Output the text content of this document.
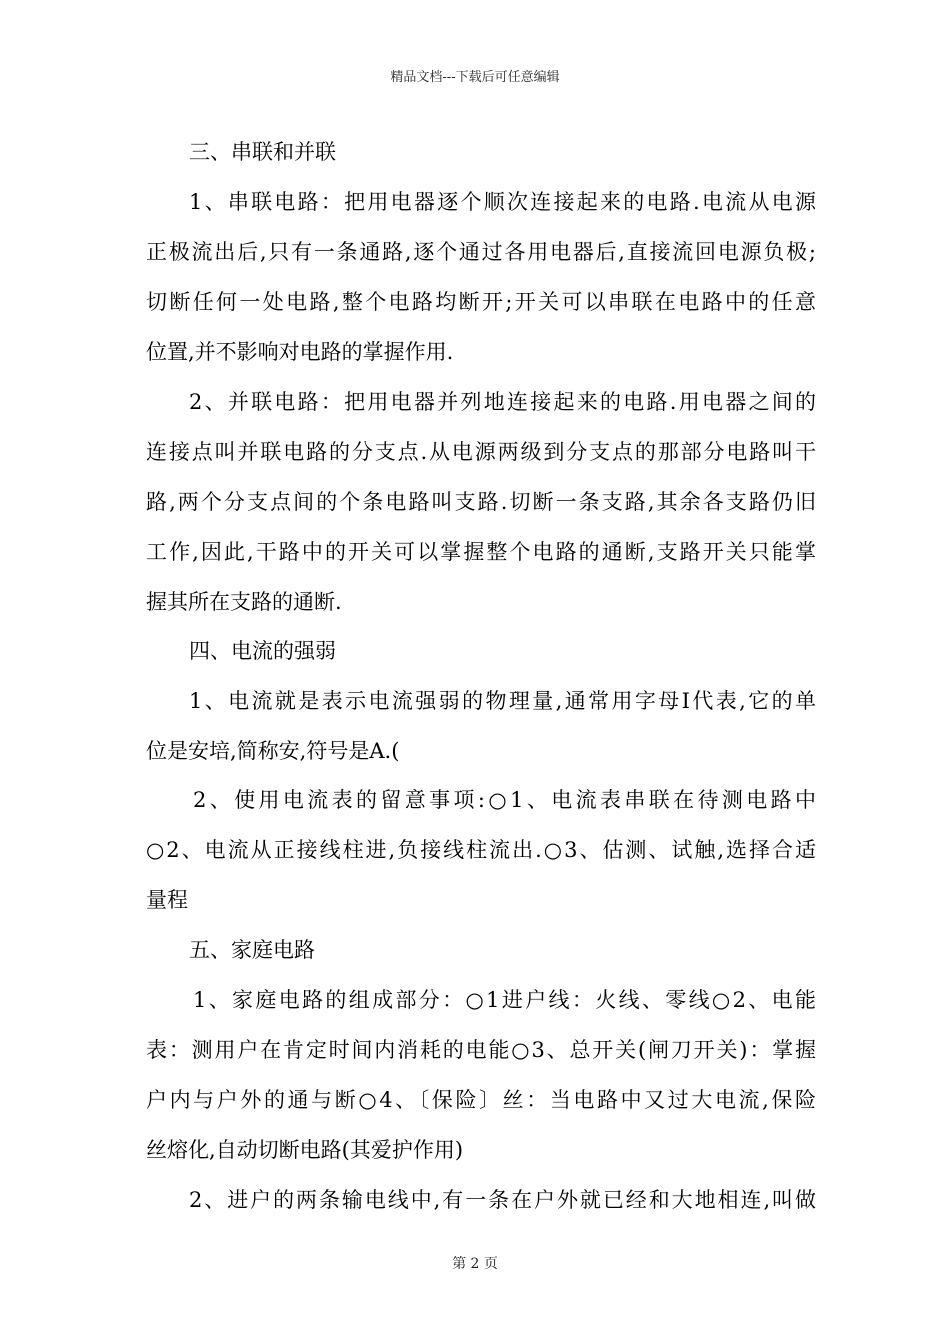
精品文档---下载后可任意编辑
三、串联和并联
1、串联电路：把用电器逐个顺次连接起来的电路.电流从电源
正极流出后,只有一条通路,逐个通过各用电器后,直接流回电源负极;
切断任何一处电路,整个电路均断开;开关可以串联在电路中的任意
位置,并不影响对电路的掌握作用.
2、并联电路：把用电器并列地连接起来的电路.用电器之间的
连接点叫并联电路的分支点.从电源两级到分支点的那部分电路叫干
路,两个分支点间的个条电路叫支路.切断一条支路,其余各支路仍旧
工作,因此,干路中的开关可以掌握整个电路的通断,支路开关只能掌
握其所在支路的通断.
四、电流的强弱
1、电流就是表示电流强弱的物理量,通常用字母I代表,它的单
位是安培,简称安,符号是A.(
2、使用电流表的留意事项:○1、电流表串联在待测电路中
○2、电流从正接线柱进,负接线柱流出.○3、估测、试触,选择合适
量程
五、家庭电路
1、家庭电路的组成部分：○1进户线：火线、零线○2、电能
表：测用户在肯定时间内消耗的电能○3、总开关(闸刀开关)：掌握
户内与户外的通与断○4、〔保险〕丝：当电路中又过大电流,保险
丝熔化,自动切断电路(其爱护作用)
2、进户的两条输电线中,有一条在户外就已经和大地相连,叫做
第 2 页
